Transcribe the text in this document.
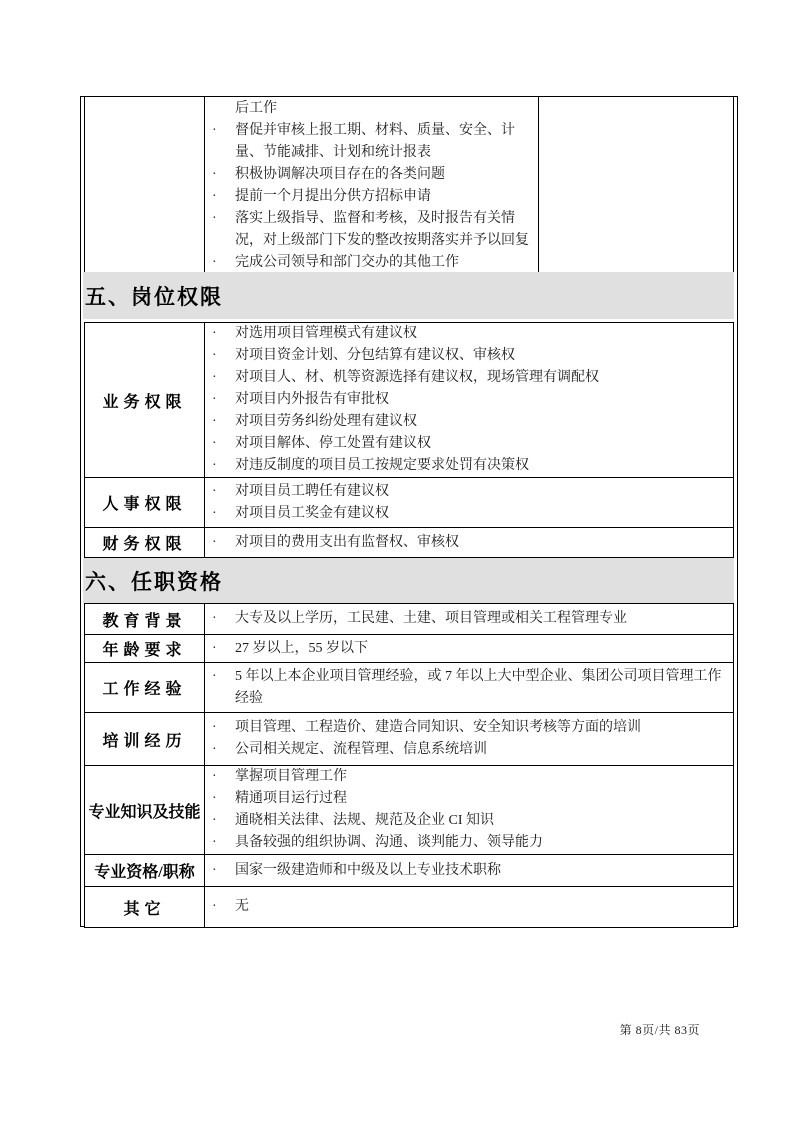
后工作
· 督促并审核上报工期、材料、质量、安全、计量、节能减排、计划和统计报表
· 积极协调解决项目存在的各类问题
· 提前一个月提出分供方招标申请
· 落实上级指导、监督和考核，及时报告有关情况，对上级部门下发的整改按期落实并予以回复
· 完成公司领导和部门交办的其他工作

五、岗位权限
业务权限	
· 对选用项目管理模式有建议权
· 对项目资金计划、分包结算有建议权、审核权
· 对项目人、材、机等资源选择有建议权，现场管理有调配权
· 对项目内外报告有审批权
· 对项目劳务纠纷处理有建议权
· 对项目解体、停工处置有建议权
· 对违反制度的项目员工按规定要求处罚有决策权

人事权限	
· 对项目员工聘任有建议权
· 对项目员工奖金有建议权

财务权限	
·对项目的费用支出有监督权、审核权
六、任职资格
教育背景	
·大专及以上学历，工民建、土建、项目管理或相关工程管理专业

年龄要求	
·27 岁以上，55 岁以下

工作经验	
· 5 年以上本企业项目管理经验，或 7 年以上大中型企业、集团公司项目管理工作经验

培训经历	
· 项目管理、工程造价、建造合同知识、安全知识考核等方面的培训
· 公司相关规定、流程管理、信息系统培训

专业知识及技能	
· 掌握项目管理工作
· 精通项目运行过程
· 通晓相关法律、法规、规范及企业 CI 知识
· 具备较强的组织协调、沟通、谈判能力、领导能力

专业资格/职称	
·国家一级建造师和中级及以上专业技术职称

其它	
·无
第 8页/共 83页
